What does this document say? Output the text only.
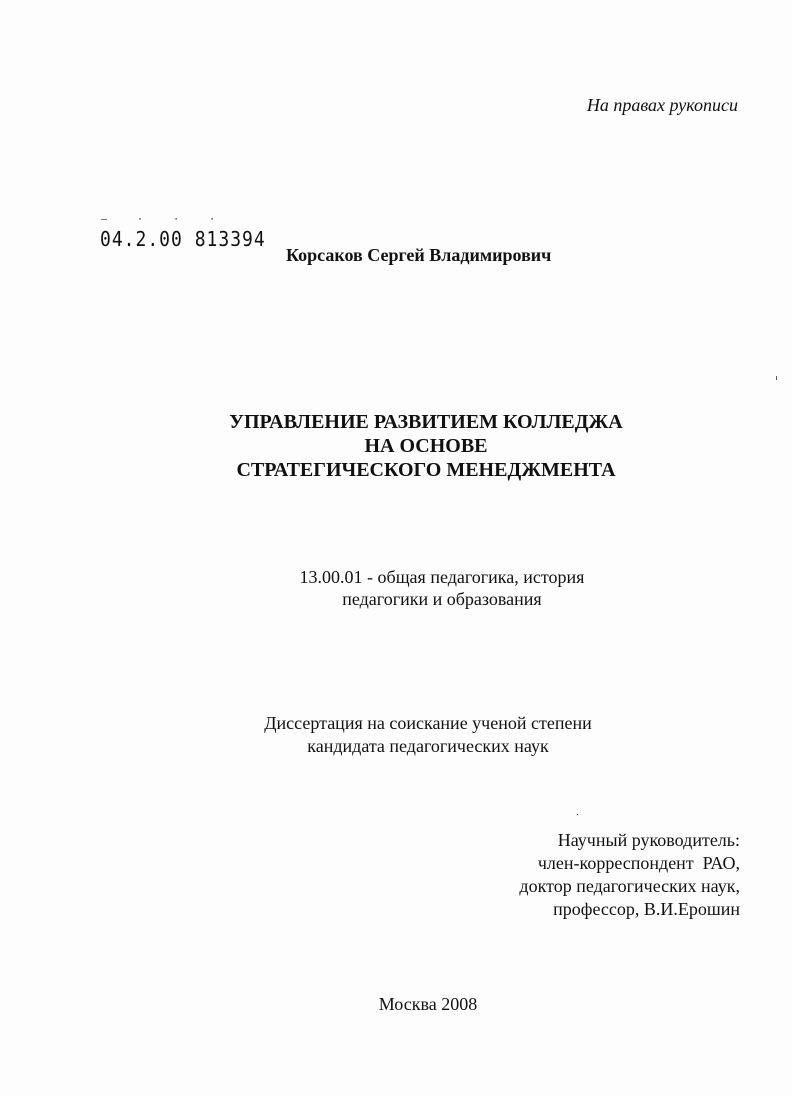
На правах рукописи
— · · ·
04.2.00 813394
Корсаков Сергей Владимирович
УПРАВЛЕНИЕ РАЗВИТИЕМ КОЛЛЕДЖА
НА ОСНОВЕ
СТРАТЕГИЧЕСКОГО МЕНЕДЖМЕНТА
13.00.01 - общая педагогика, история
педагогики и образования
Диссертация на соискание ученой степени
кандидата педагогических наук
Научный руководитель:
член-корреспондент  РАО,
доктор педагогических наук,
профессор, В.И.Ерошин
Москва 2008
